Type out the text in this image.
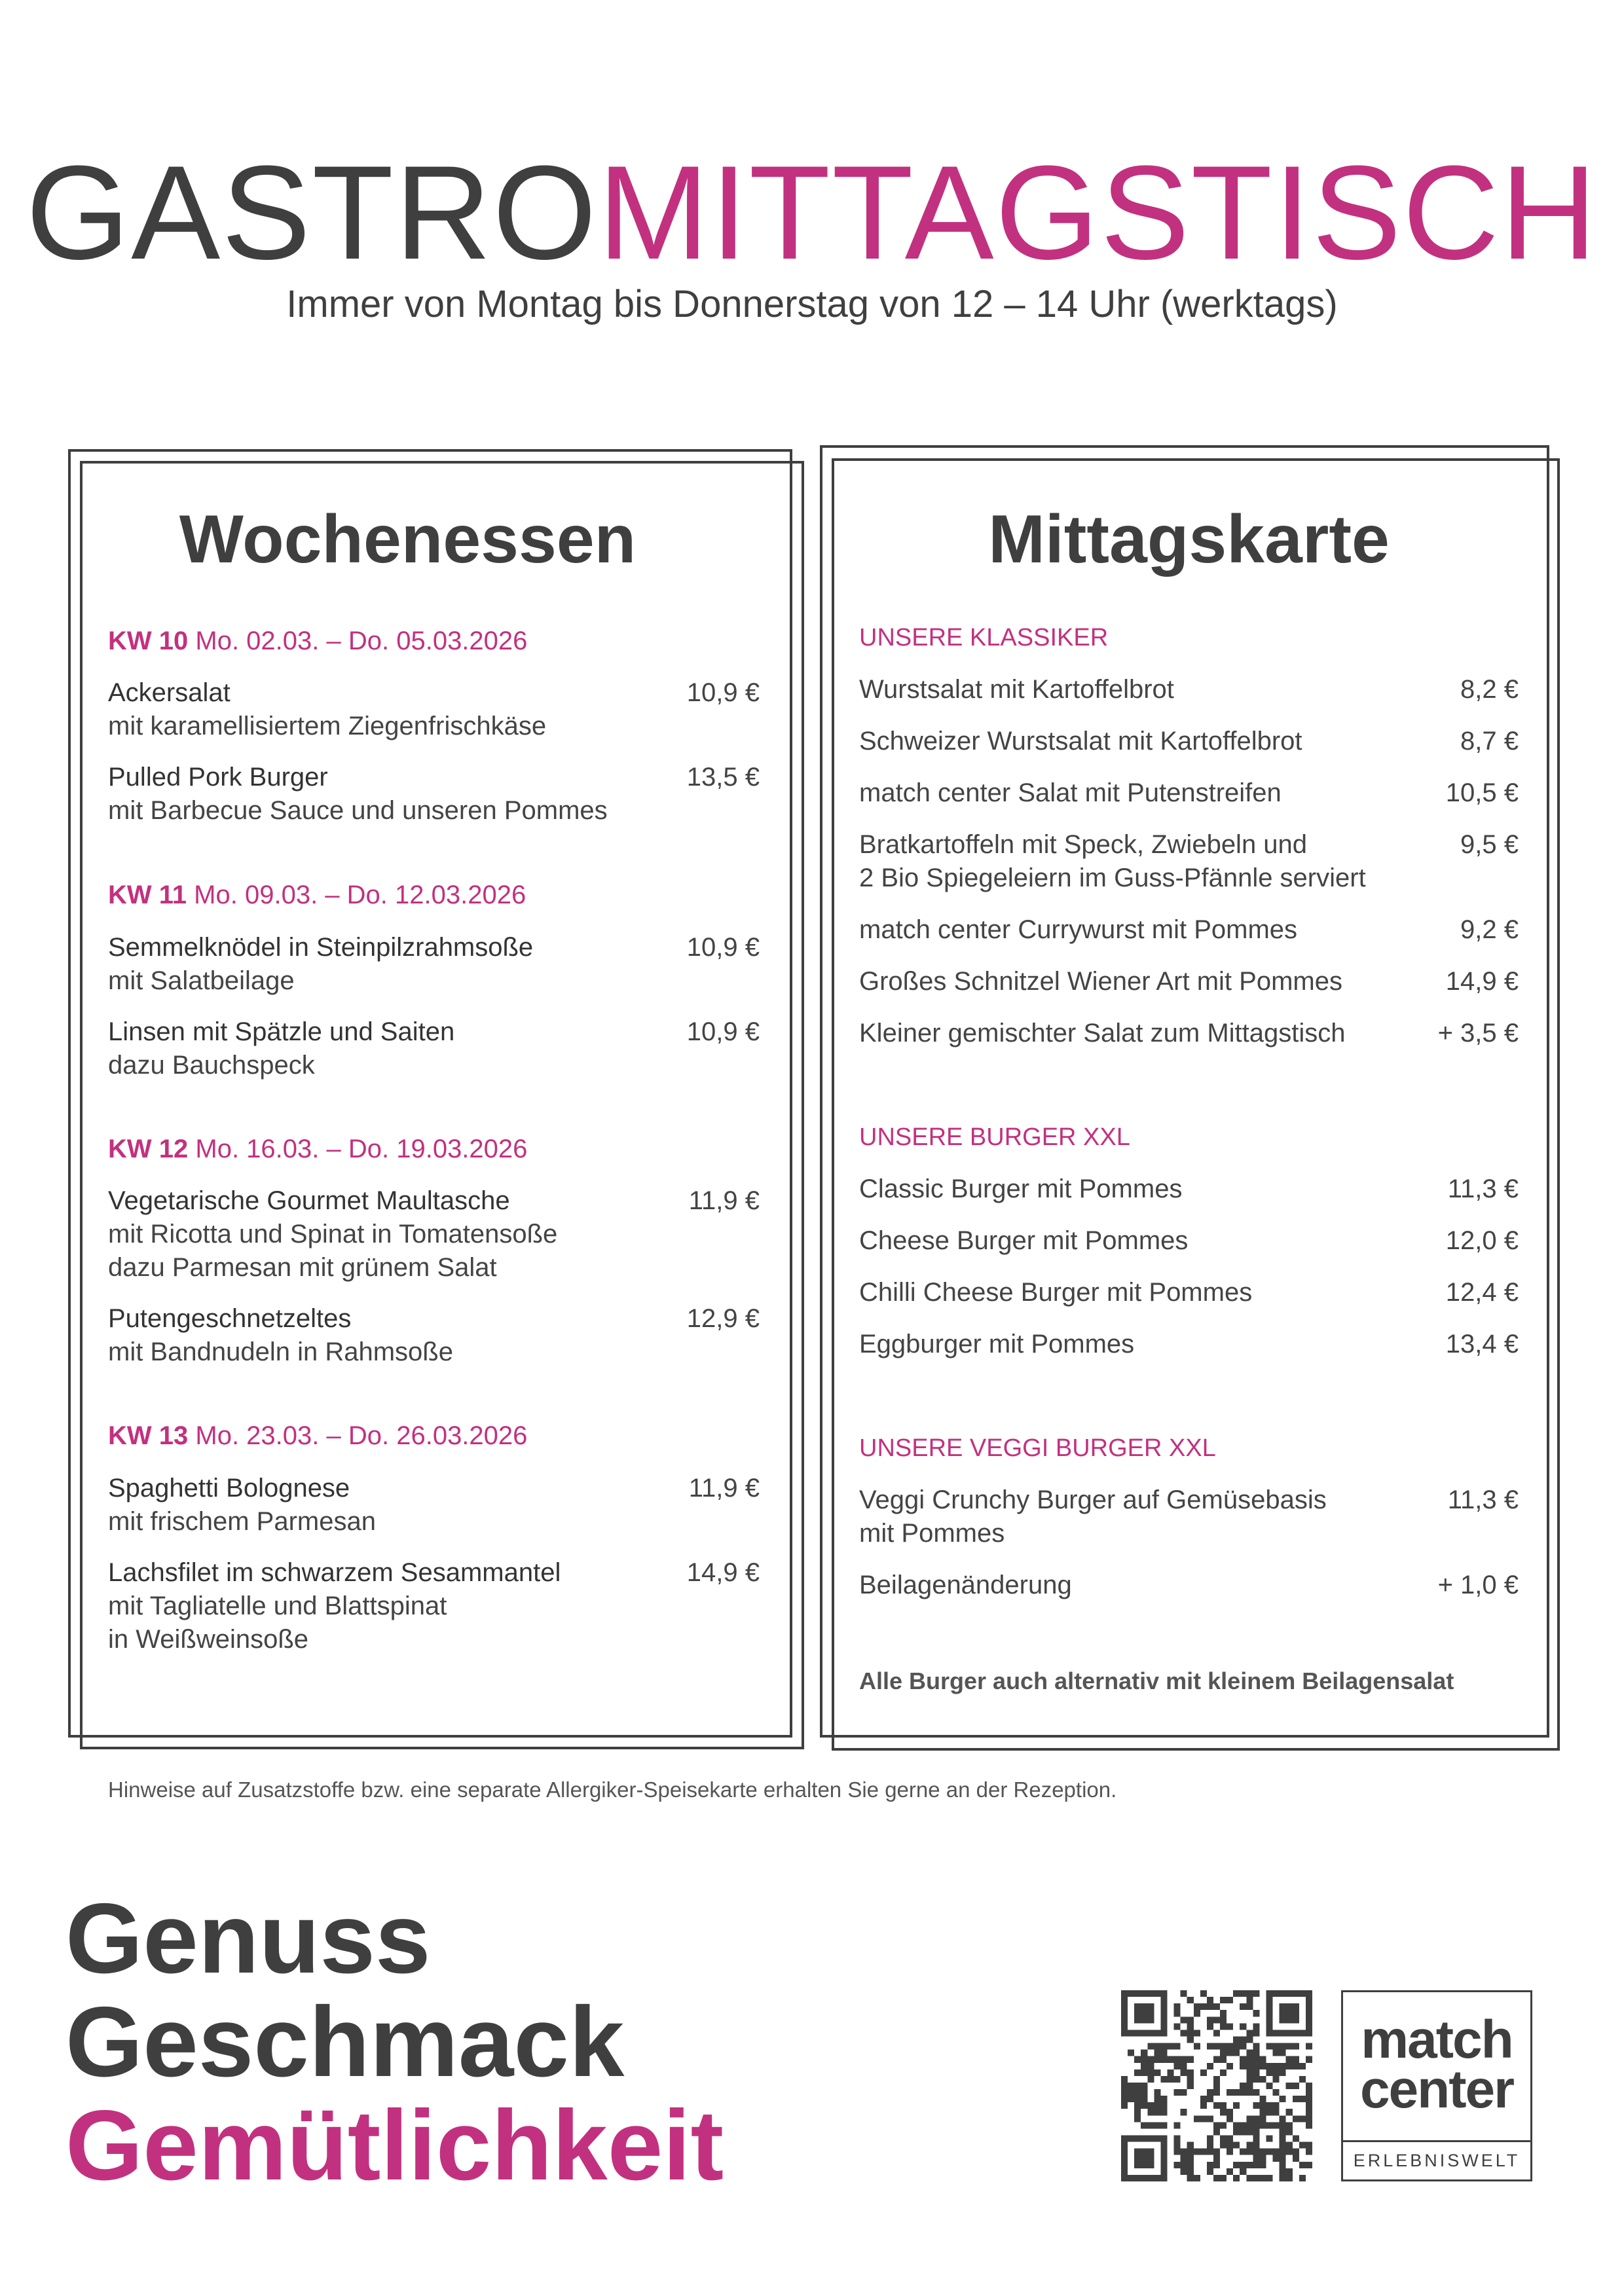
GASTROMITTAGSTISCH
Immer von Montag bis Donnerstag von 12 – 14 Uhr (werktags)
Wochenessen
KW 10 Mo. 02.03. – Do. 05.03.2026
Ackersalat
mit karamellisiertem Ziegenfrischkäse
10,9 €
Pulled Pork Burger
mit Barbecue Sauce und unseren Pommes
13,5 €
KW 11 Mo. 09.03. – Do. 12.03.2026
Semmelknödel in Steinpilzrahmsoße
mit Salatbeilage
10,9 €
Linsen mit Spätzle und Saiten
dazu Bauchspeck
10,9 €
KW 12 Mo. 16.03. – Do. 19.03.2026
Vegetarische Gourmet Maultasche
mit Ricotta und Spinat in Tomatensoße
dazu Parmesan mit grünem Salat
11,9 €
Putengeschnetzeltes
mit Bandnudeln in Rahmsoße
12,9 €
KW 13 Mo. 23.03. – Do. 26.03.2026
Spaghetti Bolognese
mit frischem Parmesan
11,9 €
Lachsfilet im schwarzem Sesammantel
mit Tagliatelle und Blattspinat
in Weißweinsoße
14,9 €
Mittagskarte
UNSERE KLASSIKER
Wurstsalat mit Kartoffelbrot	8,2 €
Schweizer Wurstsalat mit Kartoffelbrot	8,7 €
match center Salat mit Putenstreifen	10,5 €
Bratkartoffeln mit Speck, Zwiebeln und
2 Bio Spiegeleiern im Guss-Pfännle serviert
9,5 €
match center Currywurst mit Pommes	9,2 €
Großes Schnitzel Wiener Art mit Pommes	14,9 €
Kleiner gemischter Salat zum Mittagstisch	+ 3,5 €
UNSERE BURGER XXL
Classic Burger mit Pommes	11,3 €
Cheese Burger mit Pommes	12,0 €
Chilli Cheese Burger mit Pommes	12,4 €
Eggburger mit Pommes	13,4 €
UNSERE VEGGI BURGER XXL
Veggi Crunchy Burger auf Gemüsebasis
mit Pommes
11,3 €
Beilagenänderung	+ 1,0 €
Alle Burger auch alternativ mit kleinem Beilagensalat
Hinweise auf Zusatzstoffe bzw. eine separate Allergiker-Speisekarte erhalten Sie gerne an der Rezeption.
Genuss
Geschmack
Gemütlichkeit
match
center
ERLEBNISWELT
